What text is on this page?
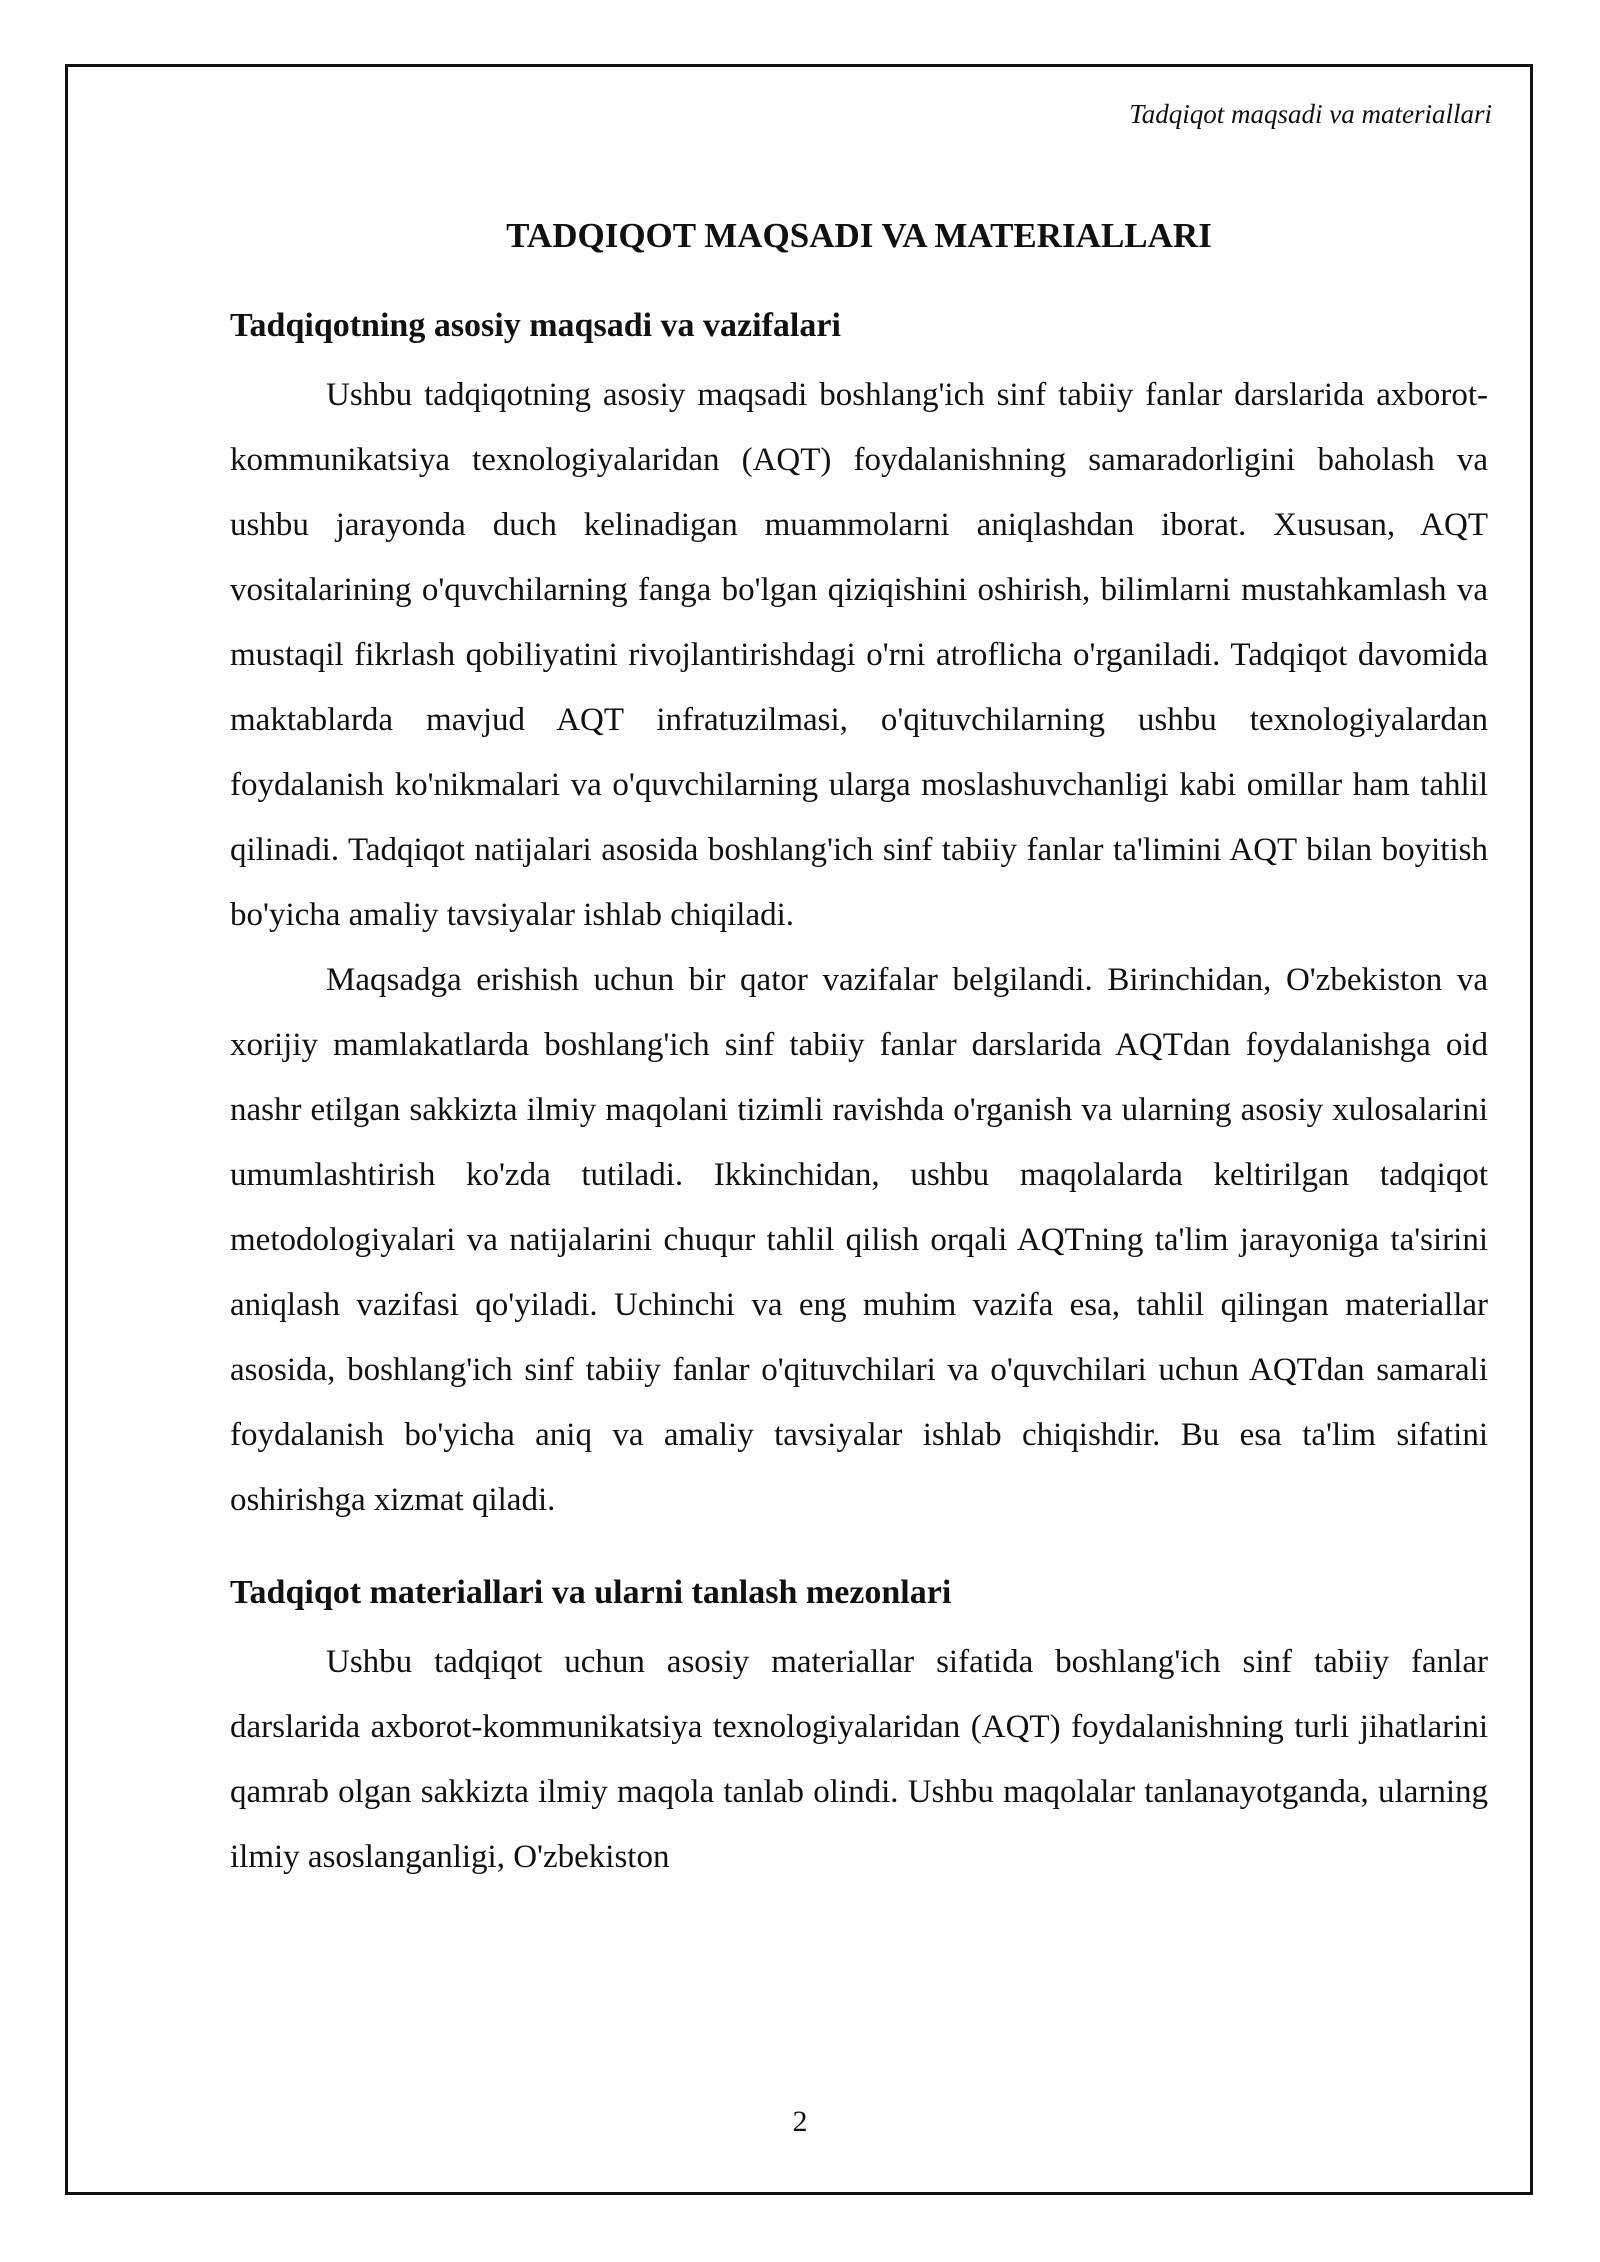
Tadqiqot maqsadi va materiallari
TADQIQOT MAQSADI VA MATERIALLARI
Tadqiqotning asosiy maqsadi va vazifalari

Ushbu tadqiqotning asosiy maqsadi boshlang'ich sinf tabiiy fanlar darslarida axborot-kommunikatsiya texnologiyalaridan (AQT) foydalanishning samaradorligini baholash va ushbu jarayonda duch kelinadigan muammolarni aniqlashdan iborat. Xususan, AQT vositalarining o'quvchilarning fanga bo'lgan qiziqishini oshirish, bilimlarni mustahkamlash va mustaqil fikrlash qobiliyatini rivojlantirishdagi o'rni atroflicha o'rganiladi. Tadqiqot davomida maktablarda mavjud AQT infratuzilmasi, o'qituvchilarning ushbu texnologiyalardan foydalanish ko'nikmalari va o'quvchilarning ularga moslashuvchanligi kabi omillar ham tahlil qilinadi. Tadqiqot natijalari asosida boshlang'ich sinf tabiiy fanlar ta'limini AQT bilan boyitish bo'yicha amaliy tavsiyalar ishlab chiqiladi.

Maqsadga erishish uchun bir qator vazifalar belgilandi. Birinchidan, O'zbekiston va xorijiy mamlakatlarda boshlang'ich sinf tabiiy fanlar darslarida AQTdan foydalanishga oid nashr etilgan sakkizta ilmiy maqolani tizimli ravishda o'rganish va ularning asosiy xulosalarini umumlashtirish ko'zda tutiladi. Ikkinchidan, ushbu maqolalarda keltirilgan tadqiqot metodologiyalari va natijalarini chuqur tahlil qilish orqali AQTning ta'lim jarayoniga ta'sirini aniqlash vazifasi qo'yiladi. Uchinchi va eng muhim vazifa esa, tahlil qilingan materiallar asosida, boshlang'ich sinf tabiiy fanlar o'qituvchilari va o'quvchilari uchun AQTdan samarali foydalanish bo'yicha aniq va amaliy tavsiyalar ishlab chiqishdir. Bu esa ta'lim sifatini oshirishga xizmat qiladi.

Tadqiqot materiallari va ularni tanlash mezonlari

Ushbu tadqiqot uchun asosiy materiallar sifatida boshlang'ich sinf tabiiy fanlar darslarida axborot-kommunikatsiya texnologiyalaridan (AQT) foydalanishning turli jihatlarini qamrab olgan sakkizta ilmiy maqola tanlab olindi. Ushbu maqolalar tanlanayotganda, ularning ilmiy asoslanganligi, O'zbekiston

2
